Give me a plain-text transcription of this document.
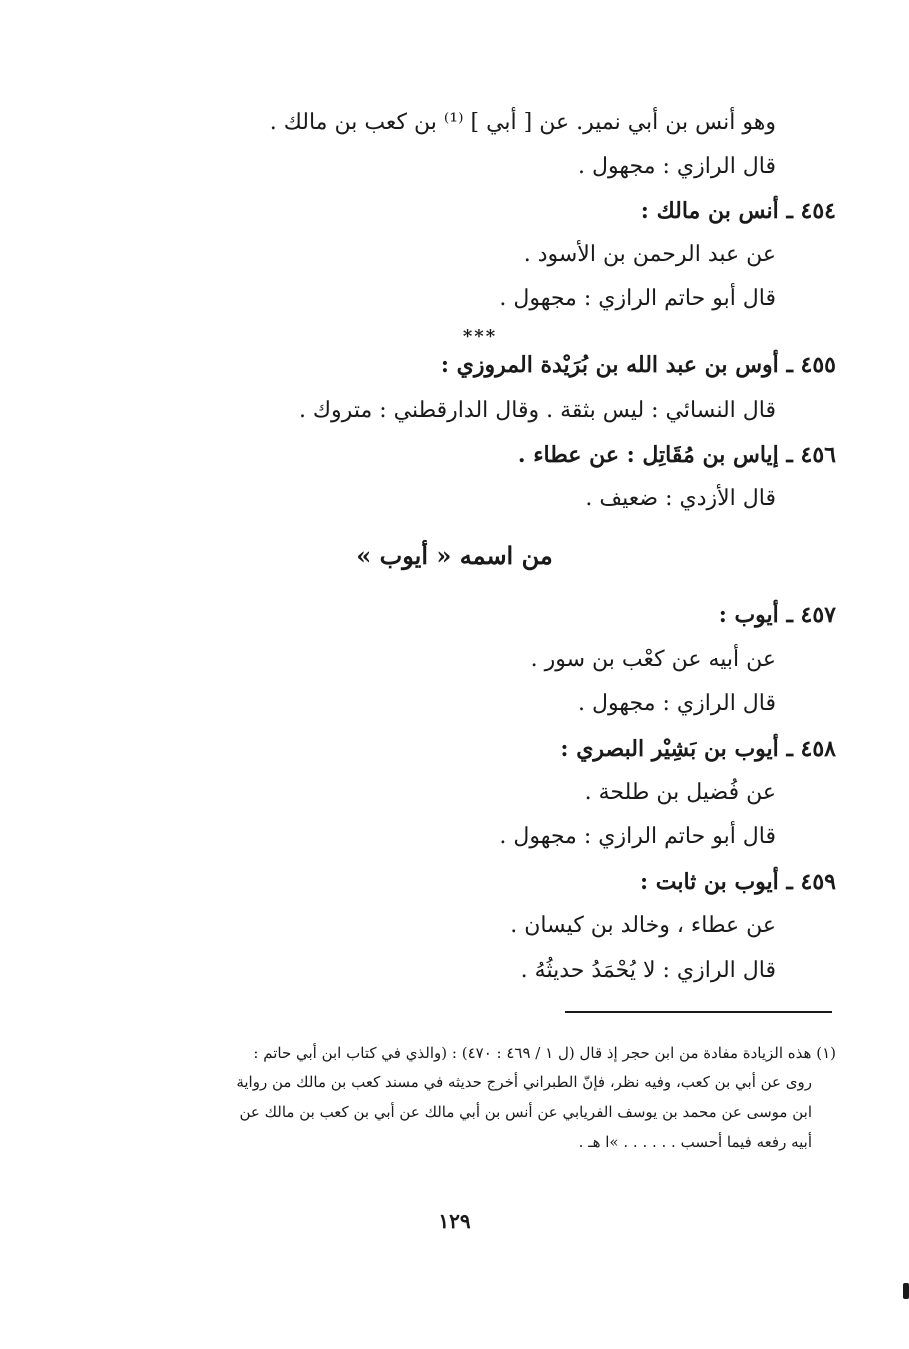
وهو أنس بن أبي نمير. عن [ أبي ] ⁽¹⁾ بن كعب بن مالك .
قال الرازي : مجهول .
٤٥٤ ـ أنس بن مالك :
عن عبد الرحمن بن الأسود .
قال أبو حاتم الرازي : مجهول .
***
٤٥٥ ـ أوس بن عبد الله بن بُرَيْدة المروزي :
قال النسائي : ليس بثقة . وقال الدارقطني : متروك .
٤٥٦ ـ إياس بن مُقَاتِل : عن عطاء .
قال الأزدي : ضعيف .
من اسمه « أيوب »
٤٥٧ ـ أيوب :
عن أبيه عن كعْب بن سور .
قال الرازي : مجهول .
٤٥٨ ـ أيوب بن بَشِيْر البصري :
عن فُضيل بن طلحة .
قال أبو حاتم الرازي : مجهول .
٤٥٩ ـ أيوب بن ثابت :
عن عطاء ، وخالد بن كيسان .
قال الرازي : لا يُحْمَدُ حديثُهُ .
(١) هذه الزيادة مفادة من ابن حجر إذ قال (ل ١ / ٤٦٩ : ٤٧٠) : (والذي في كتاب ابن أبي حاتم :
روى عن أبي بن كعب، وفيه نظر، فإنّ الطبراني أخرج حديثه في مسند كعب بن مالك من رواية
ابن موسى عن محمد بن يوسف الفريابي عن أنس بن أبي مالك عن أبي بن كعب بن مالك عن
أبيه رفعه فيما أحسب . . . . . . »ا هـ .
١٢٩
